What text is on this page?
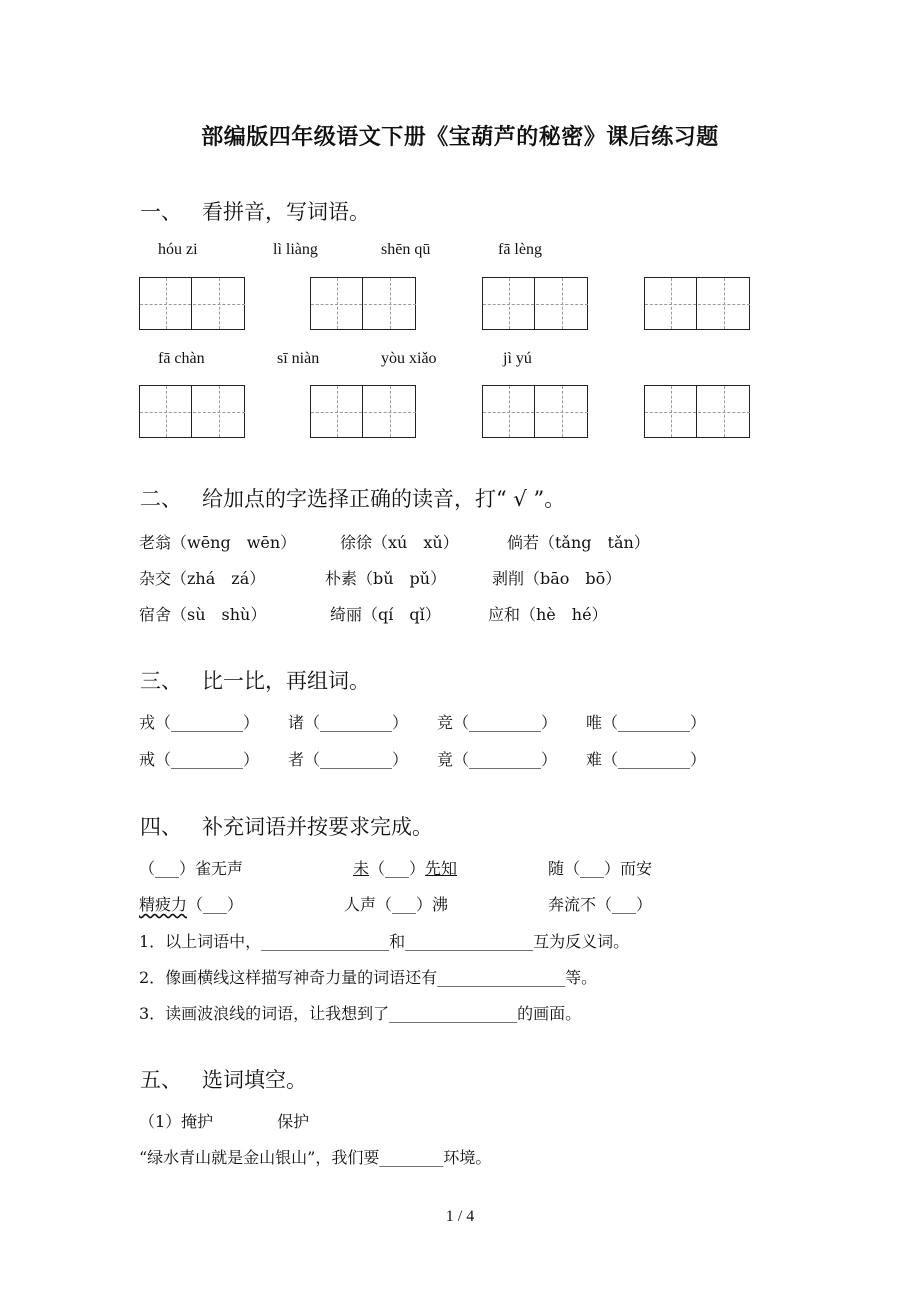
部编版四年级语文下册《宝葫芦的秘密》课后练习题
一、 看拼音，写词语。
hóu zi	lì liàng	shēn qū	fā lèng
fā chàn	sī niàn	yòu xiǎo	jì yú
二、 给加点的字选择正确的读音，打“ √ ”。
老翁（wēng　wēn）	徐徐（xú　xǔ）	倘若（tǎng　tǎn）
杂交（zhá　zá）	朴素（bǔ　pǔ）	剥削（bāo　bō）
宿舍（sù　shù）	绮丽（qí　qǐ）	应和（hè　hé）
三、 比一比，再组词。
戎（_________） 诸（_________） 竞（_________） 唯（_________）
戒（_________） 者（_________） 竟（_________） 难（_________）
四、 补充词语并按要求完成。
（___）雀无声	未（___）先知	随（___）而安
精疲力（___）	人声（___）沸	奔流不（___）
1．以上词语中，________________和________________互为反义词。
2．像画横线这样描写神奇力量的词语还有________________等。
3．读画波浪线的词语，让我想到了________________的画面。
五、 选词填空。
（1）掩护　　　　保护
“绿水青山就是金山银山”，我们要________环境。
1 / 4
